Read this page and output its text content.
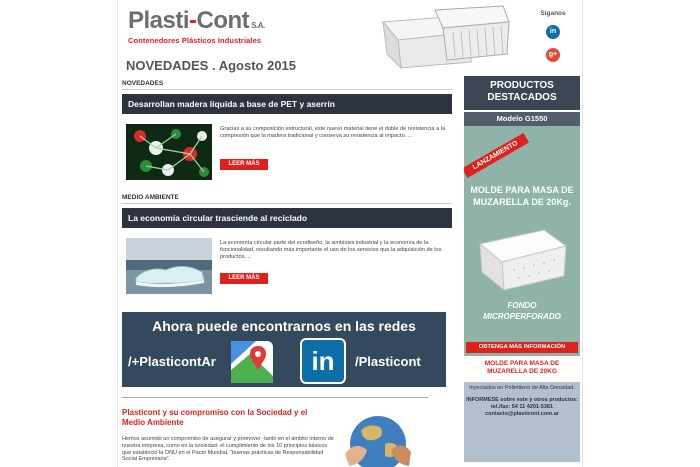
Plasti-Cont S.A.
Contenedores Plásticos Industriales
Síganos
in
g+
NOVEDADES . Agosto 2015
NOVEDADES
Desarrollan madera líquida a base de PET y aserrín
Gracias a su composición estructural, este nuevo material tiene el doble de resistencia a la compresión que la madera tradicional y conserva su resistencia al impacto. ...
LEER MÁS
MEDIO AMBIENTE
La economía circular trasciende al reciclado
La economía circular parte del ecodiseño, la simbiosis industrial y la economía de la funcionalidad, resultando más importante el uso de los servicios que la adquisición de los productos....
LEER MÁS
Ahora puede encontrarnos en las redes
/+PlasticontAr	in	/Plasticont
Plasticont y su compromiso con la Sociedad y el Medio Ambiente
Hemos asumido un compromiso de asegurar y promover -tanto en el ámbito interno de nuestra empresa, como en la sociedad- el cumplimiento de los 10 principios básicos que estableció la ONU en el Pacto Mundial, "buenas prácticas de Responsabilidad Social Empresaria".
PRODUCTOS DESTACADOS
Modelo G1550
LANZAMIENTO
MOLDE PARA MASA DE MUZARELLA DE 20Kg.
FONDO MICROPERFORADO
OBTENGA MÁS INFORMACIÓN
MOLDE PARA MASA DE MUZARELLA DE 20KG
Inyectados en Polietileno de Alta Densidad.
INFORMESE sobre este y otros productos:
tel./fax: 54 11 4201-5381
contacto@plasticont.com.ar
